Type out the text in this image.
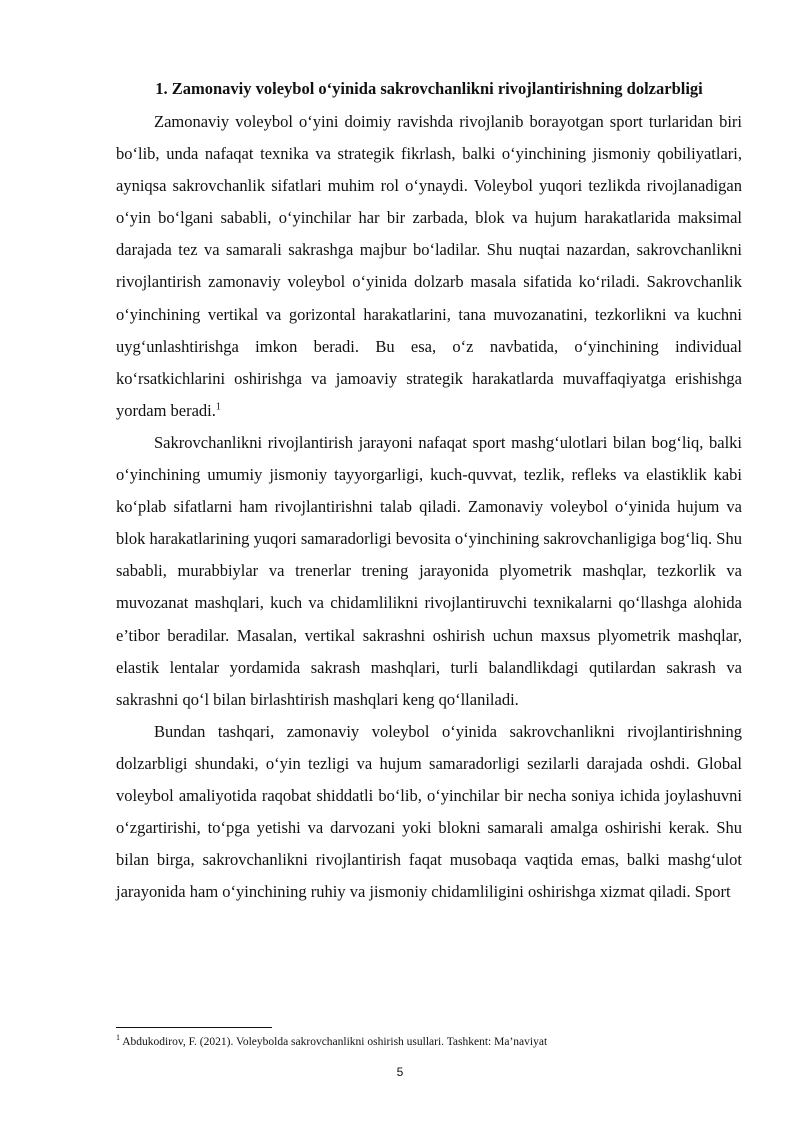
1. Zamonaviy voleybol o‘yinida sakrovchanlikni rivojlantirishning dolzarbligi

Zamonaviy voleybol o‘yini doimiy ravishda rivojlanib borayotgan sport turlaridan biri bo‘lib, unda nafaqat texnika va strategik fikrlash, balki o‘yinchining jismoniy qobiliyatlari, ayniqsa sakrovchanlik sifatlari muhim rol o‘ynaydi. Voleybol yuqori tezlikda rivojlanadigan o‘yin bo‘lgani sababli, o‘yinchilar har bir zarbada, blok va hujum harakatlarida maksimal darajada tez va samarali sakrashga majbur bo‘ladilar. Shu nuqtai nazardan, sakrovchanlikni rivojlantirish zamonaviy voleybol o‘yinida dolzarb masala sifatida ko‘riladi. Sakrovchanlik o‘yinchining vertikal va gorizontal harakatlarini, tana muvozanatini, tezkorlikni va kuchni uyg‘unlashtirishga imkon beradi. Bu esa, o‘z navbatida, o‘yinchining individual ko‘rsatkichlarini oshirishga va jamoaviy strategik harakatlarda muvaffaqiyatga erishishga yordam beradi.$^1$

Sakrovchanlikni rivojlantirish jarayoni nafaqat sport mashg‘ulotlari bilan bog‘liq, balki o‘yinchining umumiy jismoniy tayyorgarligi, kuch-quvvat, tezlik, refleks va elastiklik kabi ko‘plab sifatlarni ham rivojlantirishni talab qiladi. Zamonaviy voleybol o‘yinida hujum va blok harakatlarining yuqori samaradorligi bevosita o‘yinchining sakrovchanligiga bog‘liq. Shu sababli, murabbiylar va trenerlar trening jarayonida plyometrik mashqlar, tezkorlik va muvozanat mashqlari, kuch va chidamlilikni rivojlantiruvchi texnikalarni qo‘llashga alohida e’tibor beradilar. Masalan, vertikal sakrashni oshirish uchun maxsus plyometrik mashqlar, elastik lentalar yordamida sakrash mashqlari, turli balandlikdagi qutilardan sakrash va sakrashni qo‘l bilan birlashtirish mashqlari keng qo‘llaniladi.

Bundan tashqari, zamonaviy voleybol o‘yinida sakrovchanlikni rivojlantirishning dolzarbligi shundaki, o‘yin tezligi va hujum samaradorligi sezilarli darajada oshdi. Global voleybol amaliyotida raqobat shiddatli bo‘lib, o‘yinchilar bir necha soniya ichida joylashuvni o‘zgartirishi, to‘pga yetishi va darvozani yoki blokni samarali amalga oshirishi kerak. Shu bilan birga, sakrovchanlikni rivojlantirish faqat musobaqa vaqtida emas, balki mashg‘ulot jarayonida ham o‘yinchining ruhiy va jismoniy chidamliligini oshirishga xizmat qiladi. Sport

$^1$ Abdukodirov, F. (2021). Voleybolda sakrovchanlikni oshirish usullari. Tashkent: Ma’naviyat
5
